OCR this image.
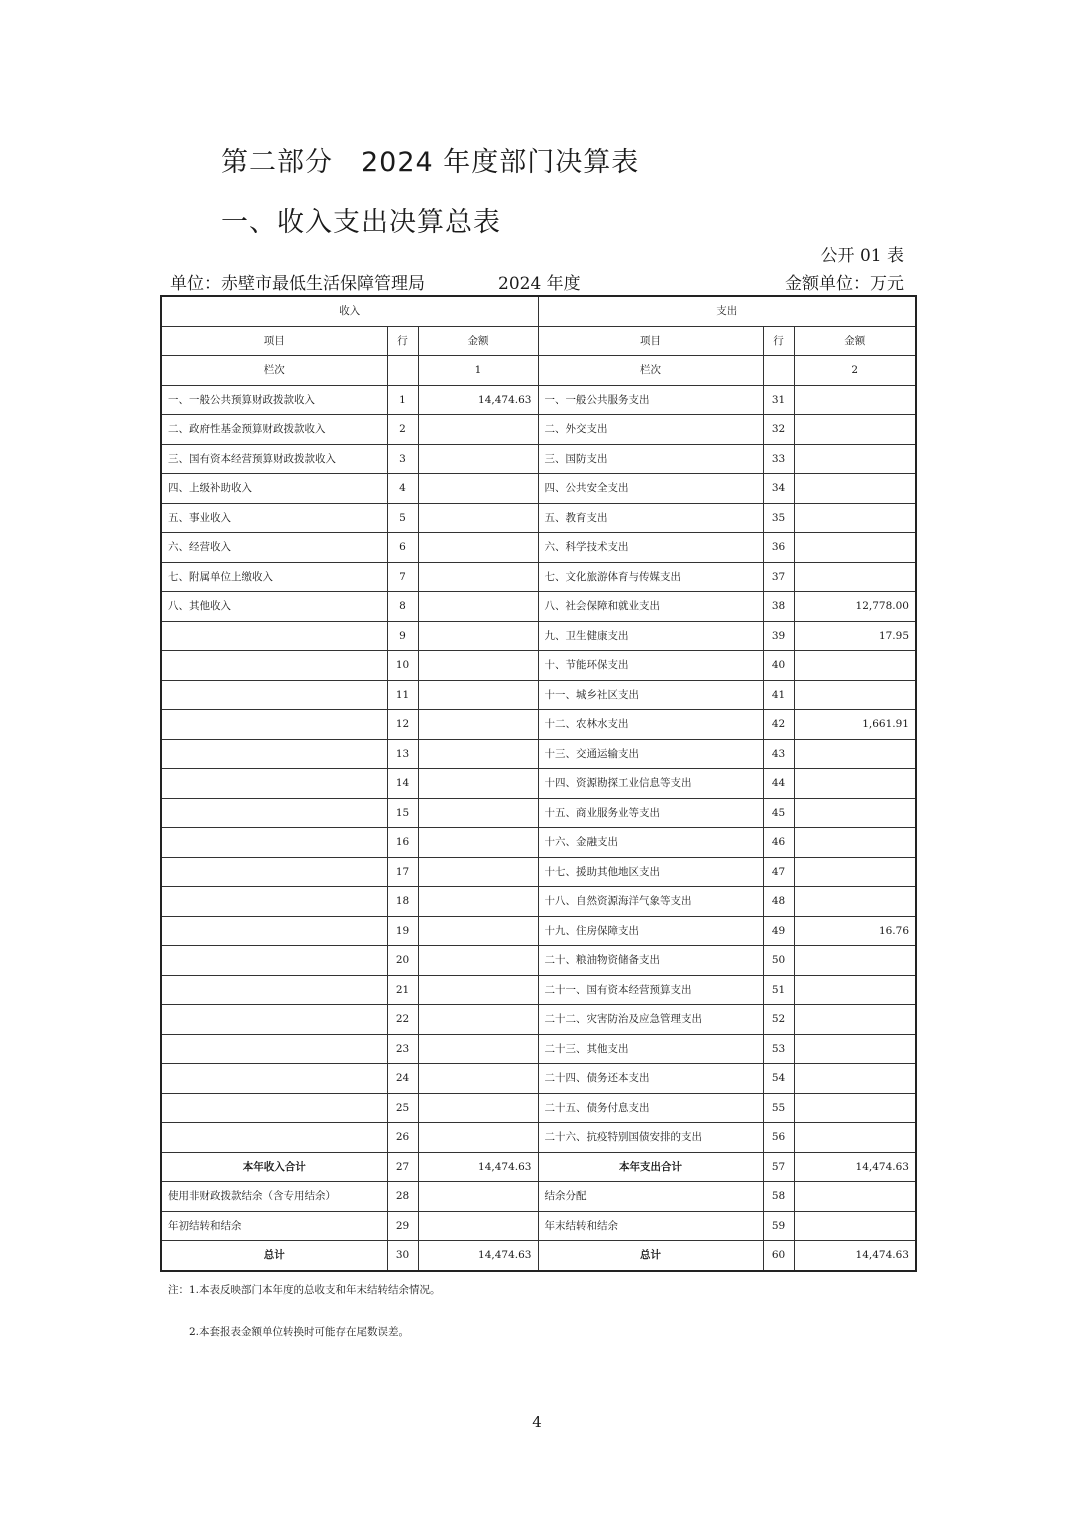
第二部分　2024 年度部门决算表
一、收入支出决算总表
公开 01 表
单位：赤壁市最低生活保障管理局	2024 年度	金额单位：万元
收入			支出		
项目	行	金额	项目	行	金额
栏次		1	栏次		2
一、一般公共预算财政拨款收入	1	14,474.63	一、一般公共服务支出	31	
二、政府性基金预算财政拨款收入	2		二、外交支出	32	
三、国有资本经营预算财政拨款收入	3		三、国防支出	33	
四、上级补助收入	4		四、公共安全支出	34	
五、事业收入	5		五、教育支出	35	
六、经营收入	6		六、科学技术支出	36	
七、附属单位上缴收入	7		七、文化旅游体育与传媒支出	37	
八、其他收入	8		八、社会保障和就业支出	38	12,778.00
	9		九、卫生健康支出	39	17.95
	10		十、节能环保支出	40	
	11		十一、城乡社区支出	41	
	12		十二、农林水支出	42	1,661.91
	13		十三、交通运输支出	43	
	14		十四、资源勘探工业信息等支出	44	
	15		十五、商业服务业等支出	45	
	16		十六、金融支出	46	
	17		十七、援助其他地区支出	47	
	18		十八、自然资源海洋气象等支出	48	
	19		十九、住房保障支出	49	16.76
	20		二十、粮油物资储备支出	50	
	21		二十一、国有资本经营预算支出	51	
	22		二十二、灾害防治及应急管理支出	52	
	23		二十三、其他支出	53	
	24		二十四、债务还本支出	54	
	25		二十五、债务付息支出	55	
	26		二十六、抗疫特别国债安排的支出	56	
本年收入合计	27	14,474.63	本年支出合计	57	14,474.63
使用非财政拨款结余（含专用结余）	28		结余分配	58	
年初结转和结余	29		年末结转和结余	59	
总计	30	14,474.63	总计	60	14,474.63
注：1.本表反映部门本年度的总收支和年末结转结余情况。
2.本套报表金额单位转换时可能存在尾数误差。
4
